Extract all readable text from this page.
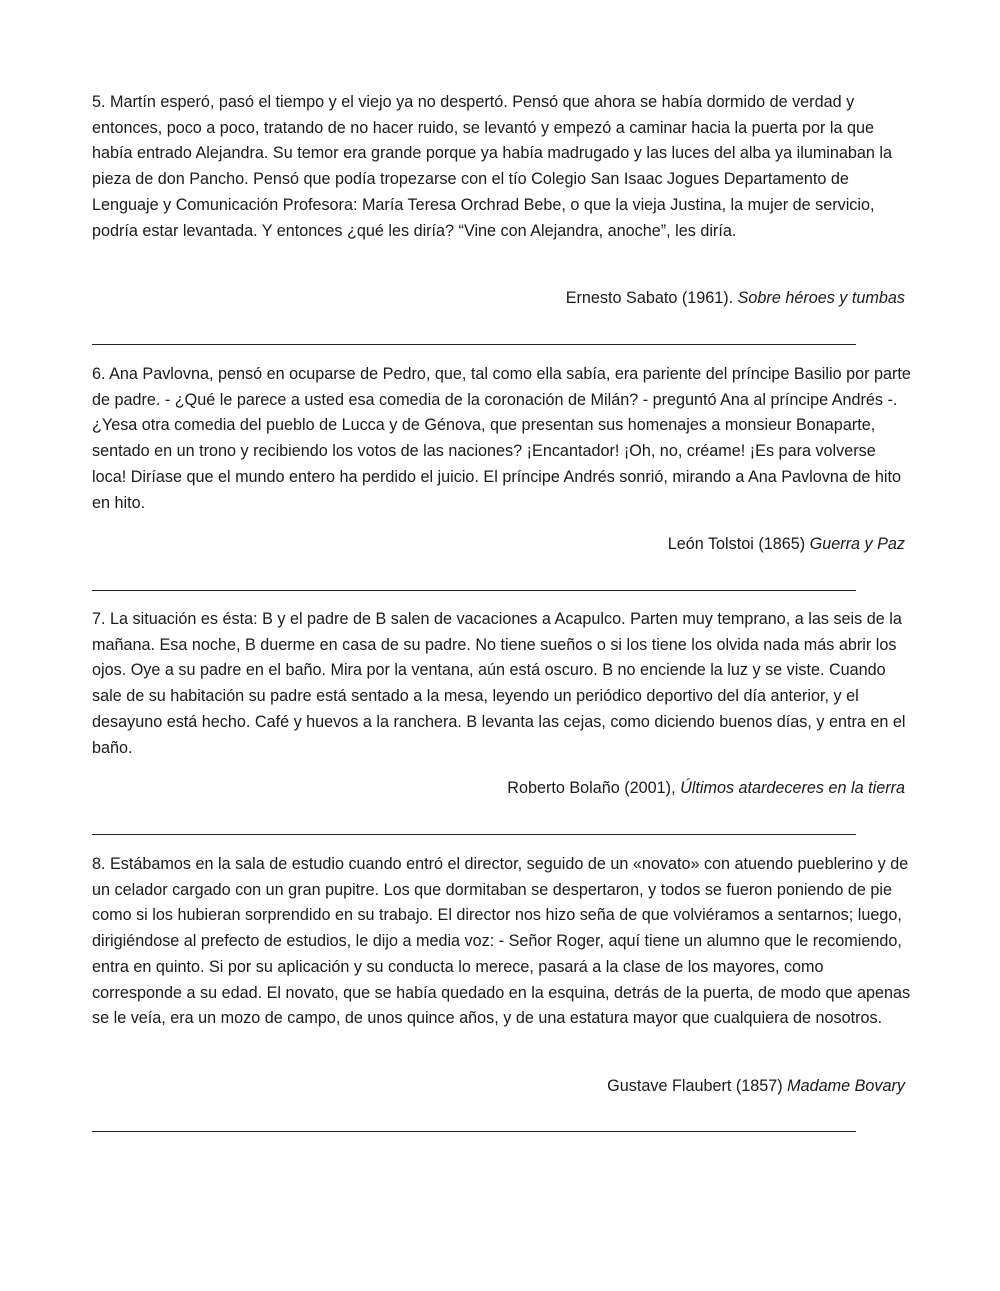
5. Martín esperó, pasó el tiempo y el viejo ya no despertó. Pensó que ahora se había dormido de verdad y entonces, poco a poco, tratando de no hacer ruido, se levantó y empezó a caminar hacia la puerta por la que había entrado Alejandra. Su temor era grande porque ya había madrugado y las luces del alba ya iluminaban la pieza de don Pancho. Pensó que podía tropezarse con el tío Colegio San Isaac Jogues Departamento de Lenguaje y Comunicación Profesora: María Teresa Orchrad Bebe, o que la vieja Justina, la mujer de servicio, podría estar levantada. Y entonces ¿qué les diría? “Vine con Alejandra, anoche”, les diría.

Ernesto Sabato (1961). Sobre héroes y tumbas

6. Ana Pavlovna, pensó en ocuparse de Pedro, que, tal como ella sabía, era pariente del príncipe Basilio por parte de padre. - ¿Qué le parece a usted esa comedia de la coronación de Milán? - preguntó Ana al príncipe Andrés -. ¿Yesa otra comedia del pueblo de Lucca y de Génova, que presentan sus homenajes a monsieur Bonaparte, sentado en un trono y recibiendo los votos de las naciones? ¡Encantador! ¡Oh, no, créame! ¡Es para volverse loca! Diríase que el mundo entero ha perdido el juicio. El príncipe Andrés sonrió, mirando a Ana Pavlovna de hito en hito.

León Tolstoi (1865) Guerra y Paz

7. La situación es ésta: B y el padre de B salen de vacaciones a Acapulco. Parten muy temprano, a las seis de la mañana. Esa noche, B duerme en casa de su padre. No tiene sueños o si los tiene los olvida nada más abrir los ojos. Oye a su padre en el baño. Mira por la ventana, aún está oscuro. B no enciende la luz y se viste. Cuando sale de su habitación su padre está sentado a la mesa, leyendo un periódico deportivo del día anterior, y el desayuno está hecho. Café y huevos a la ranchera. B levanta las cejas, como diciendo buenos días, y entra en el baño.

Roberto Bolaño (2001), Últimos atardeceres en la tierra

8. Estábamos en la sala de estudio cuando entró el director, seguido de un «novato» con atuendo pueblerino y de un celador cargado con un gran pupitre. Los que dormitaban se despertaron, y todos se fueron poniendo de pie como si los hubieran sorprendido en su trabajo. El director nos hizo seña de que volviéramos a sentarnos; luego, dirigiéndose al prefecto de estudios, le dijo a media voz: - Señor Roger, aquí tiene un alumno que le recomiendo, entra en quinto. Si por su aplicación y su conducta lo merece, pasará a la clase de los mayores, como corresponde a su edad. El novato, que se había quedado en la esquina, detrás de la puerta, de modo que apenas se le veía, era un mozo de campo, de unos quince años, y de una estatura mayor que cualquiera de nosotros.

Gustave Flaubert (1857) Madame Bovary
